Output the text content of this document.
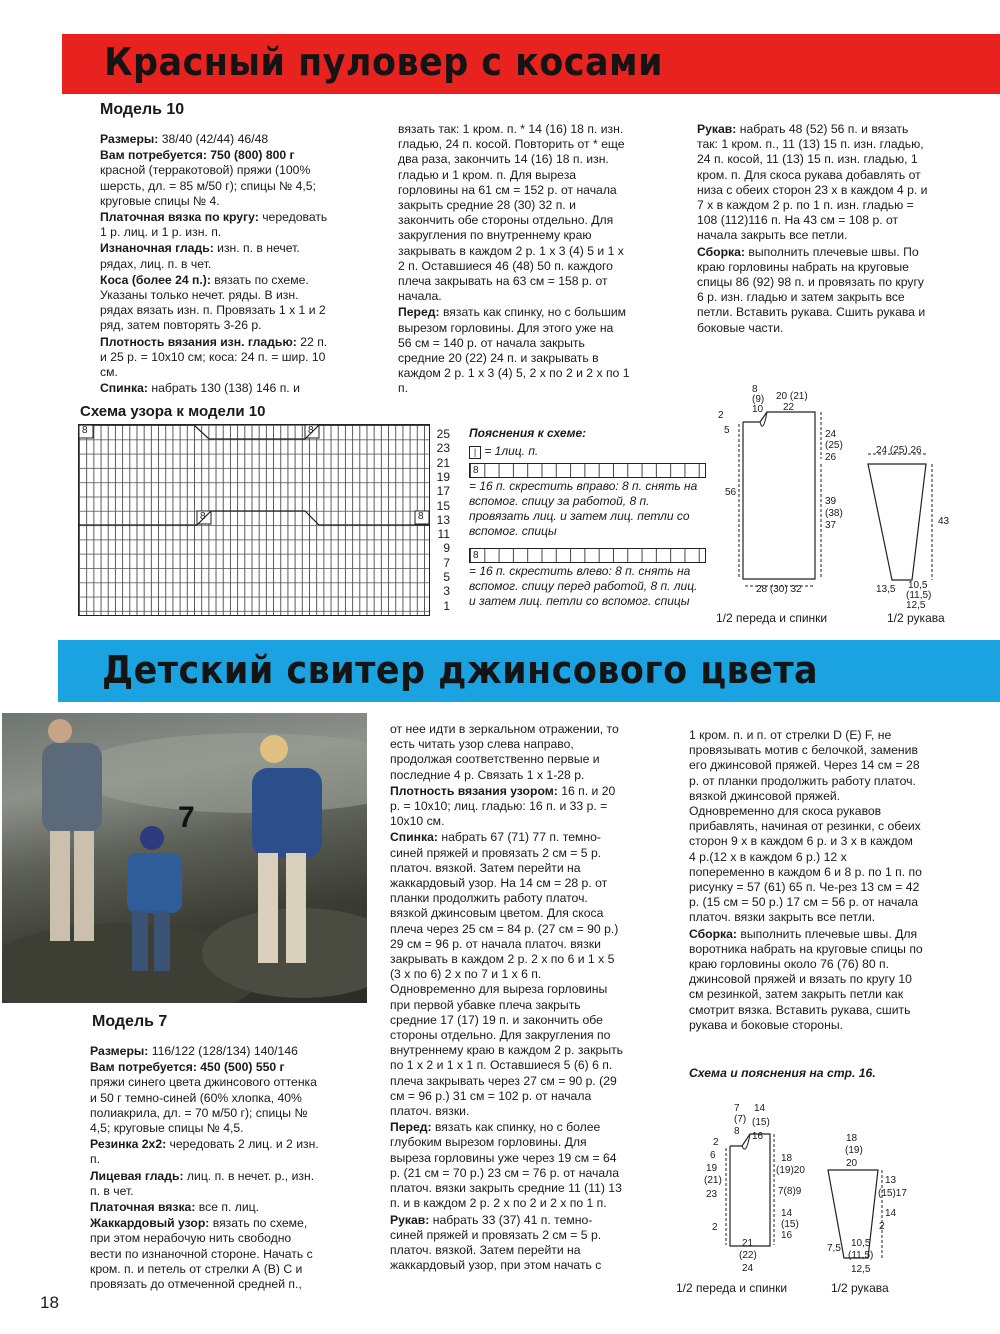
Красный пуловер с косами
Модель 10

Размеры: 38/40 (42/44) 46/48

Вам потребуется: 750 (800) 800 г красной (терракотовой) пряжи (100% шерсть, дл. = 85 м/50 г); спицы № 4,5; круговые спицы № 4.

Платочная вязка по кругу: чередовать 1 р. лиц. и 1 р. изн. п.

Изнаночная гладь: изн. п. в нечет. рядах, лиц. п. в чет.

Коса (более 24 п.): вязать по схеме. Указаны только нечет. ряды. В изн. рядах вязать изн. п. Провязать 1 х 1 и 2 ряд, затем повторять 3-26 р.

Плотность вязания изн. гладью: 22 п. и 25 р. = 10х10 см; коса: 24 п. = шир. 10 см.

Спинка: набрать 130 (138) 146 п. и

вязать так: 1 кром. п. * 14 (16) 18 п. изн. гладью, 24 п. косой. Повторить от * еще два раза, закончить 14 (16) 18 п. изн. гладью и 1 кром. п. Для выреза горловины на 61 см = 152 р. от начала закрыть средние 28 (30) 32 п. и закончить обе стороны отдельно. Для закругления по внутреннему краю закрывать в каждом 2 р. 1 х 3 (4) 5 и 1 х 2 п. Оставшиеся 46 (48) 50 п. каждого плеча закрывать на 63 см = 158 р. от начала.

Перед: вязать как спинку, но с большим вырезом горловины. Для этого уже на 56 см = 140 р. от начала закрыть средние 20 (22) 24 п. и закрывать в каждом 2 р. 1 х 3 (4) 5, 2 х по 2 и 2 х по 1 п.

Рукав: набрать 48 (52) 56 п. и вязать так: 1 кром. п., 11 (13) 15 п. изн. гладью, 24 п. косой, 11 (13) 15 п. изн. гладью, 1 кром. п. Для скоса рукава добавлять от низа с обеих сторон 23 х в каждом 4 р. и 7 х в каждом 2 р. по 1 п. изн. гладью = 108 (112)116 п. На 43 см = 108 р. от начала закрыть все петли.

Сборка: выполнить плечевые швы. По краю горловины набрать на круговые спицы 86 (92) 98 п. и провязать по кругу 6 р. изн. гладью и затем закрыть все петли. Вставить рукава. Сшить рукава и боковые части.

Схема узора к модели 10
8	8
8	8
25
23
21
19
17
15
13
11
9
7
5
3
1
Пояснения к схеме:
| = 1лиц. п.
8
= 16 п. скрестить вправо: 8 п. снять на вспомог. спицу за работой, 8 п. провязать лиц. и затем лиц. петли со вспомог. спицы
8
= 16 п. скрестить влево: 8 п. снять на вспомог. спицу перед работой, 8 п. лиц. и затем лиц. петли со вспомог. спицы
8
(9)
10
20 (21)
22
2
5	24
(25)
26
56
39
(38)
37
28 (30) 32
24 (25) 26
43
13,5 10,5
(11,5)
12,5
1/2 переда и спинки	1/2 рукава
Детский свитер джинсового цвета
7
Модель 7

Размеры: 116/122 (128/134) 140/146

Вам потребуется: 450 (500) 550 г пряжи синего цвета джинсового оттенка и 50 г темно-синей (60% хлопка, 40% полиакрила, дл. = 70 м/50 г); спицы № 4,5; круговые спицы № 4,5.

Резинка 2х2: чередовать 2 лиц. и 2 изн. п.

Лицевая гладь: лиц. п. в нечет. р., изн. п. в чет.

Платочная вязка: все п. лиц.

Жаккардовый узор: вязать по схеме, при этом нерабочую нить свободно вести по изнаночной стороне. Начать с кром. п. и петель от стрелки А (В) С и провязать до отмеченной средней п.,

от нее идти в зеркальном отражении, то есть читать узор слева направо, продолжая соответственно первые и последние 4 р. Связать 1 х 1-28 р.

Плотность вязания узором: 16 п. и 20 р. = 10х10; лиц. гладью: 16 п. и 33 р. = 10х10 см.

Спинка: набрать 67 (71) 77 п. темно-синей пряжей и провязать 2 см = 5 р. платоч. вязкой. Затем перейти на жаккардовый узор. На 14 см = 28 р. от планки продолжить работу платоч. вязкой джинсовым цветом. Для скоса плеча через 25 см = 84 р. (27 см = 90 р.) 29 см = 96 р. от начала платоч. вязки закрывать в каждом 2 р. 2 х по 6 и 1 х 5 (3 х по 6) 2 х по 7 и 1 х 6 п. Одновременно для выреза горловины при первой убавке плеча закрыть средние 17 (17) 19 п. и закончить обе стороны отдельно. Для закругления по внутреннему краю в каждом 2 р. закрыть по 1 х 2 и 1 х 1 п. Оставшиеся 5 (6) 6 п. плеча закрывать через 27 см = 90 р. (29 см = 96 р.) 31 см = 102 р. от начала платоч. вязки.

Перед: вязать как спинку, но с более глубоким вырезом горловины. Для выреза горловины уже через 19 см = 64 р. (21 см = 70 р.) 23 см = 76 р. от начала платоч. вязки закрыть средние 11 (11) 13 п. и в каждом 2 р. 2 х по 2 и 2 х по 1 п.

Рукав: набрать 33 (37) 41 п. темно-синей пряжей и провязать 2 см = 5 р. платоч. вязкой. Затем перейти на жаккардовый узор, при этом начать с

1 кром. п. и п. от стрелки D (E) F, не провязывать мотив с белочкой, заменив его джинсовой пряжей. Через 14 см = 28 р. от планки продолжить работу платоч. вязкой джинсовой пряжей. Одновременно для скоса рукавов прибавлять, начиная от резинки, с обеих сторон 9 х в каждом 6 р. и 3 х в каждом 4 р.(12 х в каждом 6 р.) 12 х попеременно в каждом 6 и 8 р. по 1 п. по рисунку = 57 (61) 65 п. Че-рез 13 см = 42 р. (15 см = 50 р.) 17 см = 56 р. от начала платоч. вязки закрыть все петли.

Сборка: выполнить плечевые швы. Для воротника набрать на круговые спицы по краю горловины около 76 (76) 80 п. джинсовой пряжей и вязать по кругу 10 см резинкой, затем закрыть петли как смотрит вязка. Вставить рукава, сшить рукава и боковые стороны.

Схема и пояснения на стр. 16.
7 14
(7) (15)
8 16
2
6
19
(21)
23
18
(19)20
7(8)9
14
(15)
16
2
21
(22)
24
18
(19)
20
13
(15)17
14
2
7,5 10,5
(11,5)
12,5
1/2 переда и спинки	1/2 рукава
18
